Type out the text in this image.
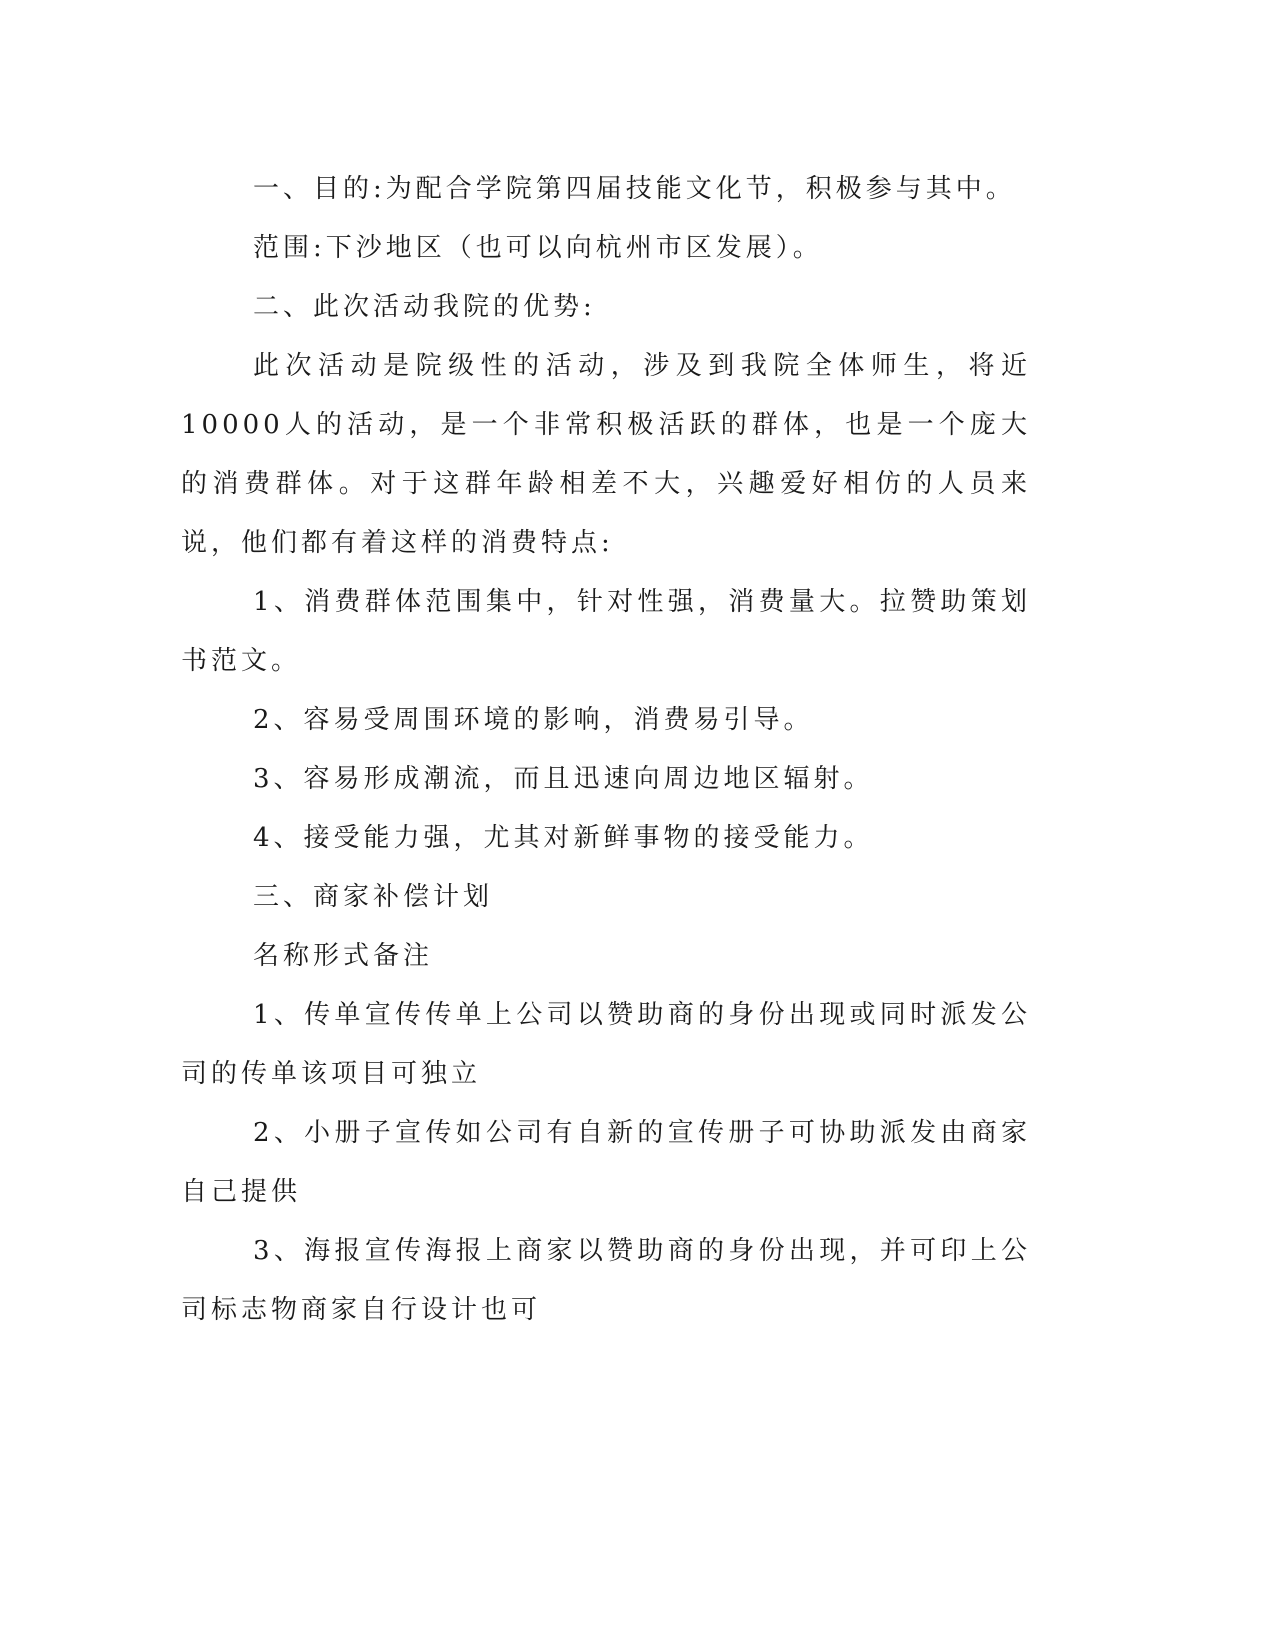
一、目的:为配合学院第四届技能文化节，积极参与其中。

范围:下沙地区（也可以向杭州市区发展）。

二、此次活动我院的优势:

此次活动是院级性的活动，涉及到我院全体师生，将近10000人的活动，是一个非常积极活跃的群体，也是一个庞大的消费群体。对于这群年龄相差不大，兴趣爱好相仿的人员来说，他们都有着这样的消费特点:

1、消费群体范围集中，针对性强，消费量大。拉赞助策划书范文。

2、容易受周围环境的影响，消费易引导。

3、容易形成潮流，而且迅速向周边地区辐射。

4、接受能力强，尤其对新鲜事物的接受能力。

三、商家补偿计划

名称形式备注

1、传单宣传传单上公司以赞助商的身份出现或同时派发公司的传单该项目可独立

2、小册子宣传如公司有自新的宣传册子可协助派发由商家自己提供

3、海报宣传海报上商家以赞助商的身份出现，并可印上公司标志物商家自行设计也可
